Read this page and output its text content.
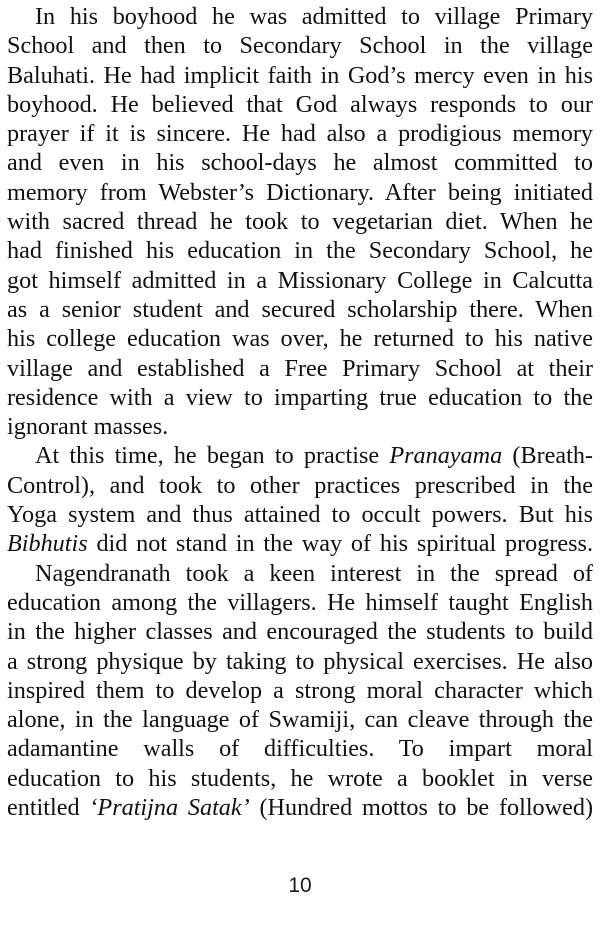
In his boyhood he was admitted to village Primary
School and then to Secondary School in the village
Baluhati. He had implicit faith in God’s mercy even in his
boyhood. He believed that God always responds to our
prayer if it is sincere. He had also a prodigious memory
and even in his school-days he almost committed to
memory from Webster’s Dictionary. After being initiated
with sacred thread he took to vegetarian diet. When he
had finished his education in the Secondary School, he
got himself admitted in a Missionary College in Calcutta
as a senior student and secured scholarship there. When
his college education was over, he returned to his native
village and established a Free Primary School at their
residence with a view to imparting true education to the
ignorant masses.

At this time, he began to practise Pranayama (Breath-
Control), and took to other practices prescribed in the
Yoga system and thus attained to occult powers. But his
Bibhutis did not stand in the way of his spiritual progress.

Nagendranath took a keen interest in the spread of
education among the villagers. He himself taught English
in the higher classes and encouraged the students to build
a strong physique by taking to physical exercises. He also
inspired them to develop a strong moral character which
alone, in the language of Swamiji, can cleave through the
adamantine walls of difficulties. To impart moral
education to his students, he wrote a booklet in verse
entitled ‘Pratijna Satak’ (Hundred mottos to be followed)

10
